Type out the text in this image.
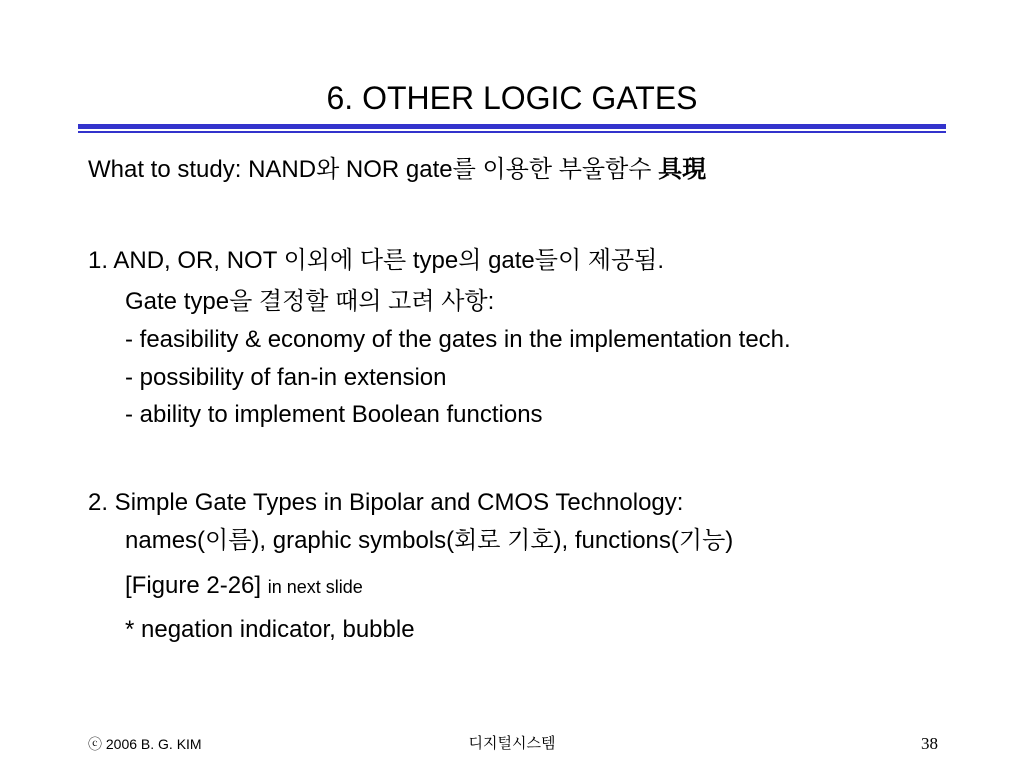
6. OTHER LOGIC GATES
What to study: NAND와 NOR gate를 이용한 부울함수 具現
1. AND, OR, NOT 이외에 다른 type의 gate들이 제공됨.
Gate type을 결정할 때의 고려 사항:
- feasibility & economy of the gates in the implementation tech.
- possibility of fan-in extension
- ability to implement Boolean functions
2. Simple Gate Types in Bipolar and CMOS Technology:
names(이름), graphic symbols(회로 기호), functions(기능)
[Figure 2-26] in next slide
* negation indicator, bubble
ⓒ 2006 B. G. KIM	디지털시스템	38
